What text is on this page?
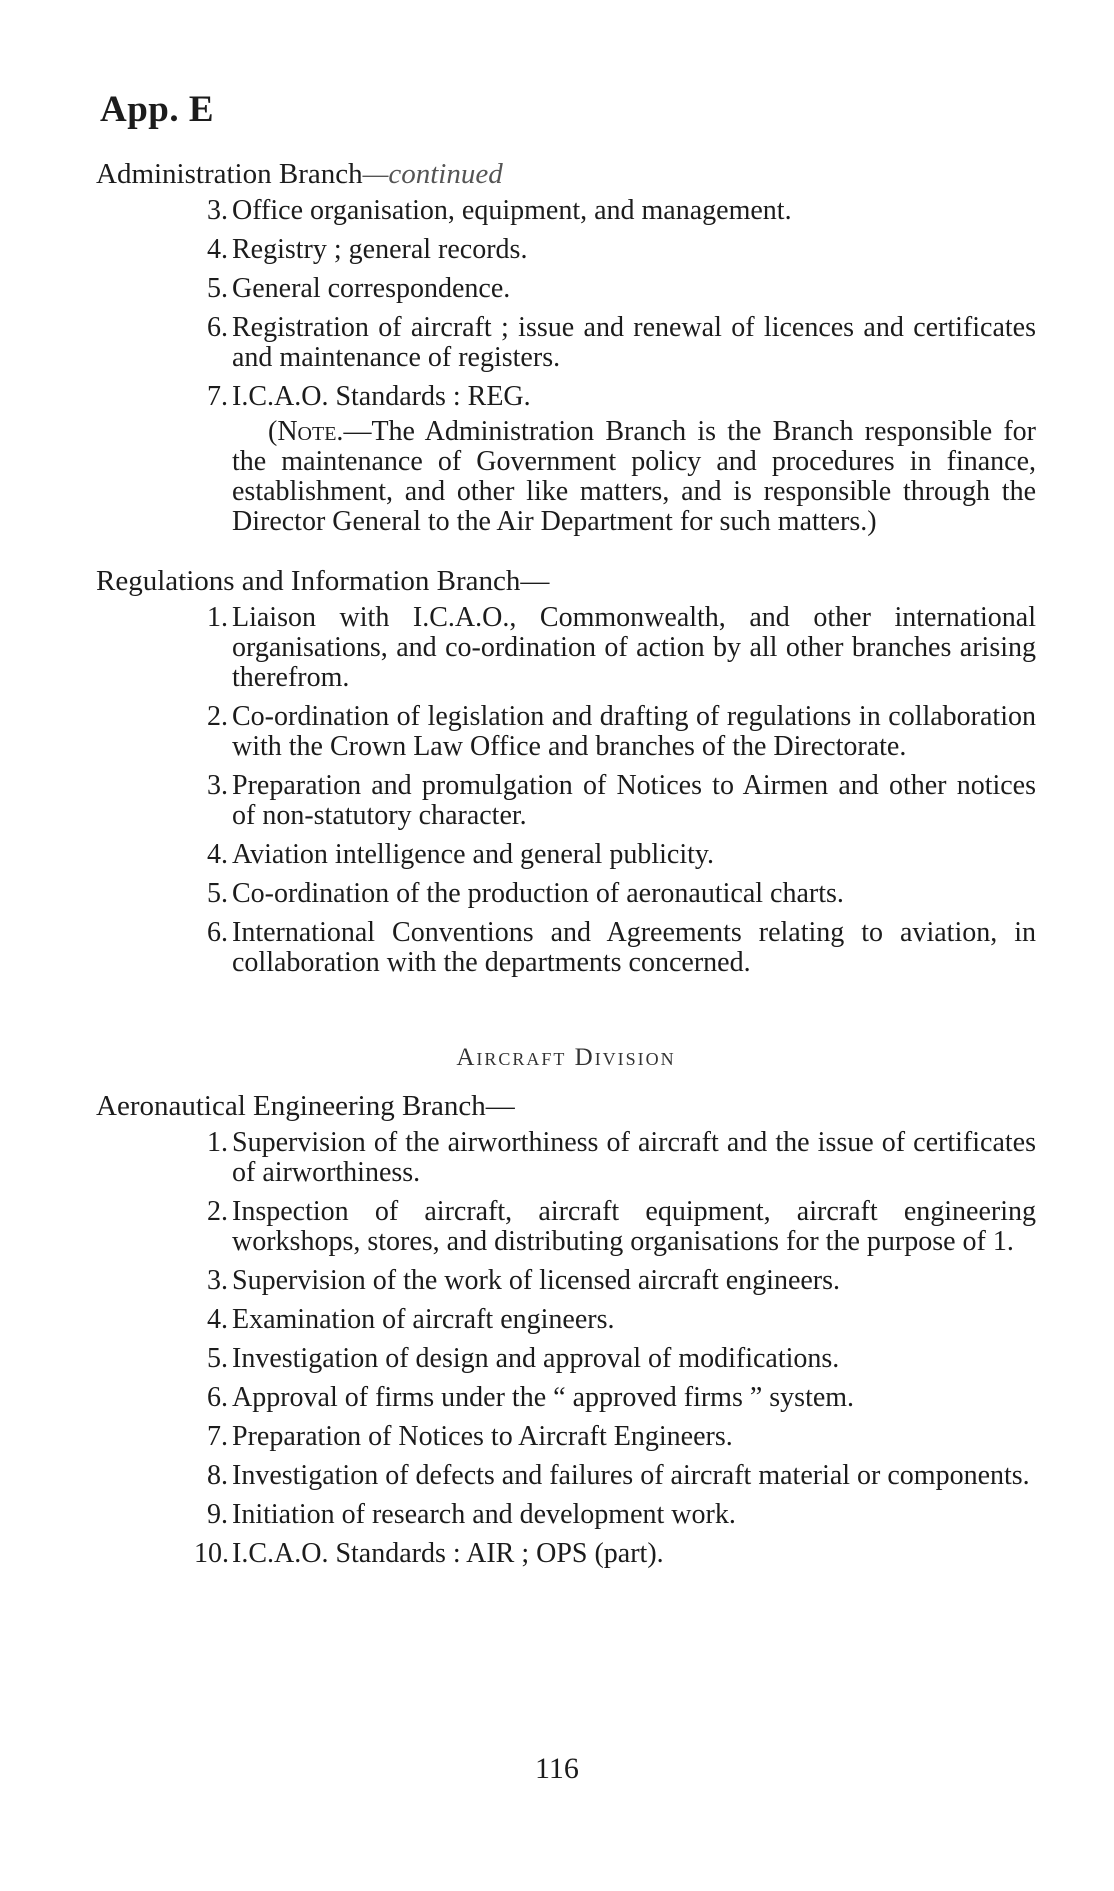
App. E

Administration Branch—continued

3. Office organisation, equipment, and management.
4. Registry ; general records.
5. General correspondence.
6. Registration of aircraft ; issue and renewal of licences and certificates and maintenance of registers.
7. I.C.A.O. Standards : REG.

(Note.—The Administration Branch is the Branch responsible for the maintenance of Government policy and procedures in finance, establishment, and other like matters, and is responsible through the Director General to the Air Department for such matters.)

Regulations and Information Branch—

1. Liaison with I.C.A.O., Commonwealth, and other international organisations, and co-ordination of action by all other branches arising therefrom.
2. Co-ordination of legislation and drafting of regulations in collaboration with the Crown Law Office and branches of the Directorate.
3. Preparation and promulgation of Notices to Airmen and other notices of non-statutory character.
4. Aviation intelligence and general publicity.
5. Co-ordination of the production of aeronautical charts.
6. International Conventions and Agreements relating to aviation, in collaboration with the departments concerned.

Aircraft Division

Aeronautical Engineering Branch—

1. Supervision of the airworthiness of aircraft and the issue of certificates of airworthiness.
2. Inspection of aircraft, aircraft equipment, aircraft engineering workshops, stores, and distributing organisations for the purpose of 1.
3. Supervision of the work of licensed aircraft engineers.
4. Examination of aircraft engineers.
5. Investigation of design and approval of modifications.
6. Approval of firms under the “ approved firms ” system.
7. Preparation of Notices to Aircraft Engineers.
8. Investigation of defects and failures of aircraft material or components.
9. Initiation of research and development work.
10. I.C.A.O. Standards : AIR ; OPS (part).
116
